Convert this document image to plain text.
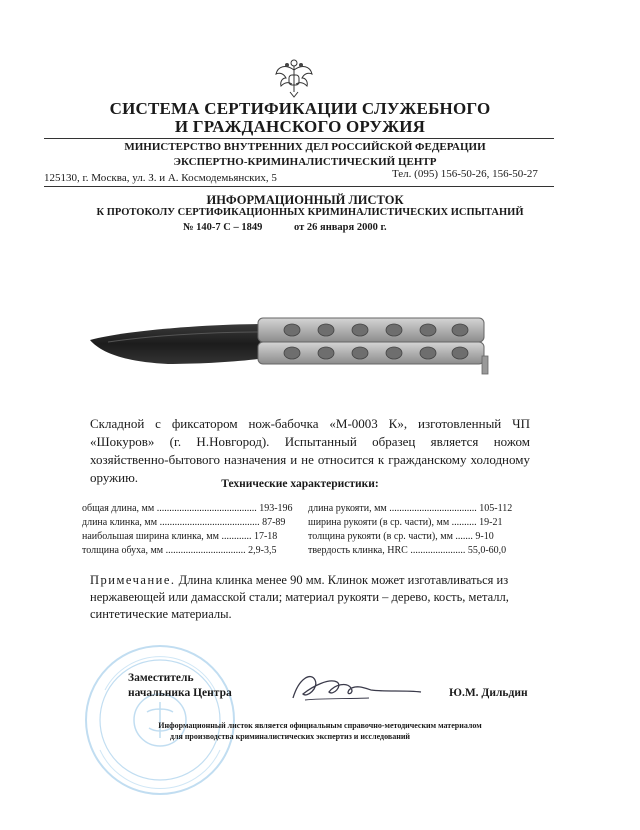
СИСТЕМА СЕРТИФИКАЦИИ СЛУЖЕБНОГО
И ГРАЖДАНСКОГО ОРУЖИЯ
МИНИСТЕРСТВО ВНУТРЕННИХ ДЕЛ РОССИЙСКОЙ ФЕДЕРАЦИИ
ЭКСПЕРТНО-КРИМИНАЛИСТИЧЕСКИЙ ЦЕНТР
125130, г. Москва, ул. З. и А. Космодемьянских, 5	Тел. (095) 156-50-26, 156-50-27
ИНФОРМАЦИОННЫЙ ЛИСТОК
К ПРОТОКОЛУ СЕРТИФИКАЦИОННЫХ КРИМИНАЛИСТИЧЕСКИХ ИСПЫТАНИЙ
№ 140-7 С – 1849	от 26 января 2000 г.
Складной с фиксатором нож-бабочка «М-0003 К», изготовленный ЧП «Шокуров» (г. Н.Новгород). Испытанный образец является ножом хозяйственно-бытового назначения и не относится к гражданскому холодному оружию.	Технические характеристики:
общая длина, мм ........................................ 193-196
длина клинка, мм ........................................ 87-89
наибольшая ширина клинка, мм ............ 17-18
толщина обуха, мм ................................ 2,9-3,5
длина рукояти, мм ................................... 105-112
ширина рукояти (в ср. части), мм .......... 19-21
толщина рукояти (в ср. части), мм ....... 9-10
твердость клинка, HRC ...................... 55,0-60,0
Примечание. Длина клинка менее 90 мм. Клинок может изготавливаться из нержавеющей или дамасской стали; материал рукояти – дерево, кость, металл, синтетические материалы.
Заместитель
начальника Центра	Ю.М. Дильдин
Информационный листок является официальным справочно-методическим материалом
для производства криминалистических экспертиз и исследований
